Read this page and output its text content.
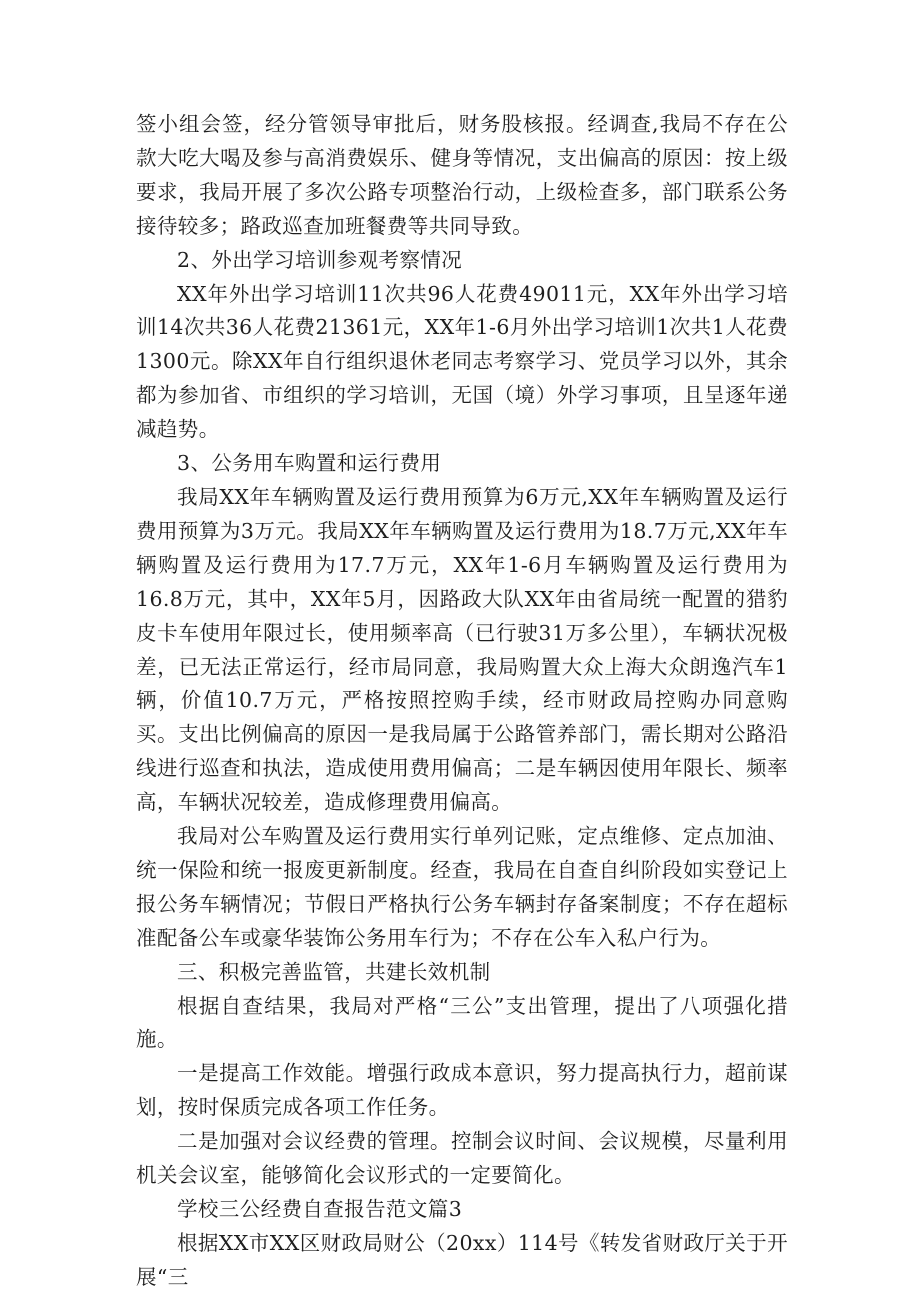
签小组会签，经分管领导审批后，财务股核报。经调查,我局不存在公款大吃大喝及参与高消费娱乐、健身等情况，支出偏高的原因：按上级要求，我局开展了多次公路专项整治行动，上级检查多，部门联系公务接待较多；路政巡查加班餐费等共同导致。

2、外出学习培训参观考察情况

XX年外出学习培训11次共96人花费49011元，XX年外出学习培训14次共36人花费21361元，XX年1-6月外出学习培训1次共1人花费1300元。除XX年自行组织退休老同志考察学习、党员学习以外，其余都为参加省、市组织的学习培训，无国（境）外学习事项，且呈逐年递减趋势。

3、公务用车购置和运行费用

我局XX年车辆购置及运行费用预算为6万元,XX年车辆购置及运行费用预算为3万元。我局XX年车辆购置及运行费用为18.7万元,XX年车辆购置及运行费用为17.7万元，XX年1-6月车辆购置及运行费用为16.8万元，其中，XX年5月，因路政大队XX年由省局统一配置的猎豹皮卡车使用年限过长，使用频率高（已行驶31万多公里），车辆状况极差，已无法正常运行，经市局同意，我局购置大众上海大众朗逸汽车1辆，价值10.7万元，严格按照控购手续，经市财政局控购办同意购买。支出比例偏高的原因一是我局属于公路管养部门，需长期对公路沿线进行巡查和执法，造成使用费用偏高；二是车辆因使用年限长、频率高，车辆状况较差，造成修理费用偏高。

我局对公车购置及运行费用实行单列记账，定点维修、定点加油、统一保险和统一报废更新制度。经查，我局在自查自纠阶段如实登记上报公务车辆情况；节假日严格执行公务车辆封存备案制度；不存在超标准配备公车或豪华装饰公务用车行为；不存在公车入私户行为。

三、积极完善监管，共建长效机制

根据自查结果，我局对严格“三公”支出管理，提出了八项强化措施。

一是提高工作效能。增强行政成本意识，努力提高执行力，超前谋划，按时保质完成各项工作任务。

二是加强对会议经费的管理。控制会议时间、会议规模，尽量利用机关会议室，能够简化会议形式的一定要简化。

学校三公经费自查报告范文篇3

根据XX市XX区财政局财公（20xx）114号《转发省财政厅关于开展“三
